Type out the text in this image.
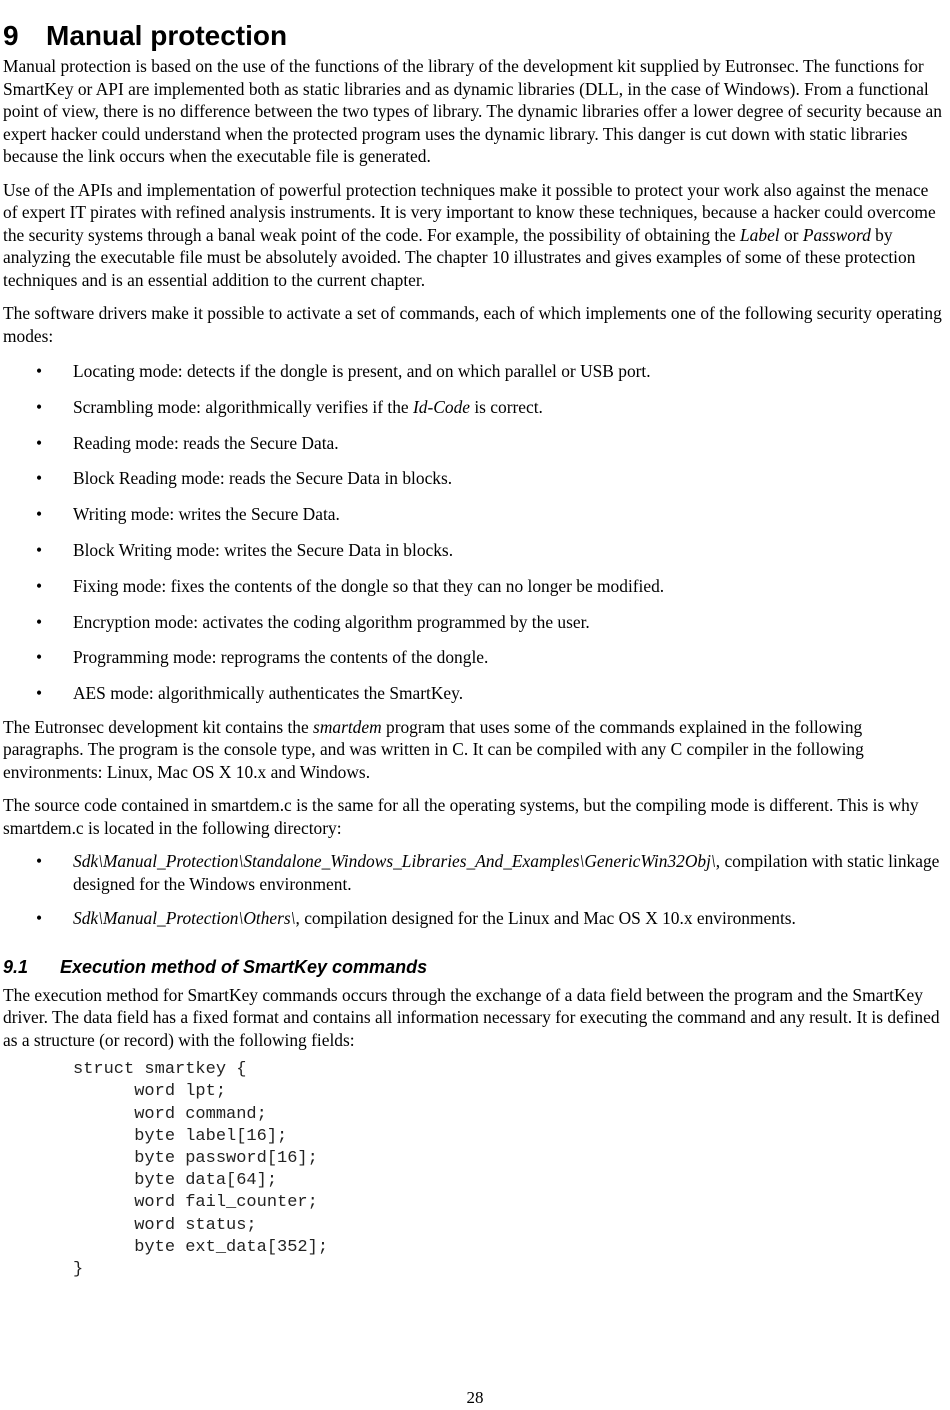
9 Manual protection

Manual protection is based on the use of the functions of the library of the development kit supplied by Eutronsec. The functions for SmartKey or API are implemented both as static libraries and as dynamic libraries (DLL, in the case of Windows). From a functional point of view, there is no difference between the two types of library. The dynamic libraries offer a lower degree of security because an expert hacker could understand when the protected program uses the dynamic library. This danger is cut down with static libraries because the link occurs when the executable file is generated.

Use of the APIs and implementation of powerful protection techniques make it possible to protect your work also against the menace of expert IT pirates with refined analysis instruments. It is very important to know these techniques, because a hacker could overcome the security systems through a banal weak point of the code. For example, the possibility of obtaining the Label or Password by analyzing the executable file must be absolutely avoided. The chapter 10 illustrates and gives examples of some of these protection techniques and is an essential addition to the current chapter.

The software drivers make it possible to activate a set of commands, each of which implements one of the following security operating modes:

• Locating mode: detects if the dongle is present, and on which parallel or USB port.
• Scrambling mode: algorithmically verifies if the Id-Code is correct.
• Reading mode: reads the Secure Data.
• Block Reading mode: reads the Secure Data in blocks.
• Writing mode: writes the Secure Data.
• Block Writing mode: writes the Secure Data in blocks.
• Fixing mode: fixes the contents of the dongle so that they can no longer be modified.
• Encryption mode: activates the coding algorithm programmed by the user.
• Programming mode: reprograms the contents of the dongle.
• AES mode: algorithmically authenticates the SmartKey.

The Eutronsec development kit contains the smartdem program that uses some of the commands explained in the following paragraphs. The program is the console type, and was written in C. It can be compiled with any C compiler in the following environments: Linux, Mac OS X 10.x and Windows.

The source code contained in smartdem.c is the same for all the operating systems, but the compiling mode is different. This is why smartdem.c is located in the following directory:

• Sdk\Manual_Protection\Standalone_Windows_Libraries_And_Examples\GenericWin32Obj\, compilation with static linkage designed for the Windows environment.
• Sdk\Manual_Protection\Others\, compilation designed for the Linux and Mac OS X 10.x environments.
9.1 Execution method of SmartKey commands

The execution method for SmartKey commands occurs through the exchange of a data field between the program and the SmartKey driver. The data field has a fixed format and contains all information necessary for executing the command and any result. It is defined as a structure (or record) with the following fields:

struct smartkey {
word lpt;
word command;
byte label[16];
byte password[16];
byte data[64];
word fail_counter;
word status;
byte ext_data[352];
}
28
